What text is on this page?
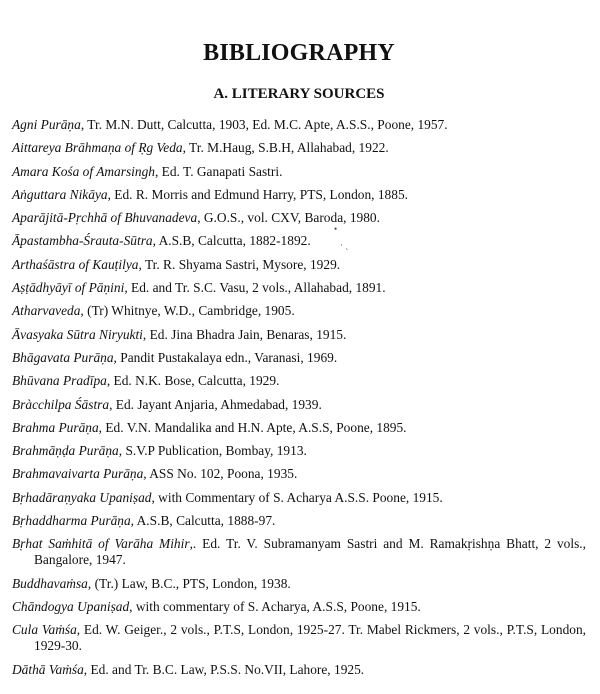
BIBLIOGRAPHY
A. LITERARY SOURCES
Agni Purāṇa, Tr. M.N. Dutt, Calcutta, 1903, Ed. M.C. Apte, A.S.S., Poone, 1957.
Aittareya Brāhmaṇa of Ṛg Veda, Tr. M.Haug, S.B.H, Allahabad, 1922.
Amara Kośa of Amarsingh, Ed. T. Ganapati Sastri.
Aṅguttara Nikāya, Ed. R. Morris and Edmund Harry, PTS, London, 1885.
Aparājitā-Pṛchhā of Bhuvanadeva, G.O.S., vol. CXV, Baroda, 1980.
Āpastambha-Śrauta-Sūtra, A.S.B, Calcutta, 1882-1892.
Arthaśāstra of Kauṭilya, Tr. R. Shyama Sastri, Mysore, 1929.
Aṣṭādhyāyī of Pāṇini, Ed. and Tr. S.C. Vasu, 2 vols., Allahabad, 1891.
Atharvaveda, (Tr) Whitnye, W.D., Cambridge, 1905.
Āvasyaka Sūtra Niryukti, Ed. Jina Bhadra Jain, Benaras, 1915.
Bhāgavata Purāṇa, Pandit Pustakalaya edn., Varanasi, 1969.
Bhūvana Pradīpa, Ed. N.K. Bose, Calcutta, 1929.
Bràcchilpa Śāstra, Ed. Jayant Anjaria, Ahmedabad, 1939.
Brahma Purāṇa, Ed. V.N. Mandalika and H.N. Apte, A.S.S, Poone, 1895.
Brahmāṇḍa Purāṇa, S.V.P Publication, Bombay, 1913.
Brahmavaivarta Purāṇa, ASS No. 102, Poona, 1935.
Bṛhadāraṇyaka Upaniṣad, with Commentary of S. Acharya A.S.S. Poone, 1915.
Bṛhaddharma Purāṇa, A.S.B, Calcutta, 1888-97.
Bṛhat Saṁhitā of Varāha Mihir,. Ed. Tr. V. Subramanyam Sastri and M. Ramakṛishṇa Bhatt, 2 vols., Bangalore, 1947.
Buddhavaṁsa, (Tr.) Law, B.C., PTS, London, 1938.
Chāndogya Upaniṣad, with commentary of S. Acharya, A.S.S, Poone, 1915.
Cula Vaṁśa, Ed. W. Geiger., 2 vols., P.T.S, London, 1925-27. Tr. Mabel Rickmers, 2 vols., P.T.S, London, 1929-30.
Dāthā Vaṁśa, Ed. and Tr. B.C. Law, P.S.S. No.VII, Lahore, 1925.
•
· ˏ
